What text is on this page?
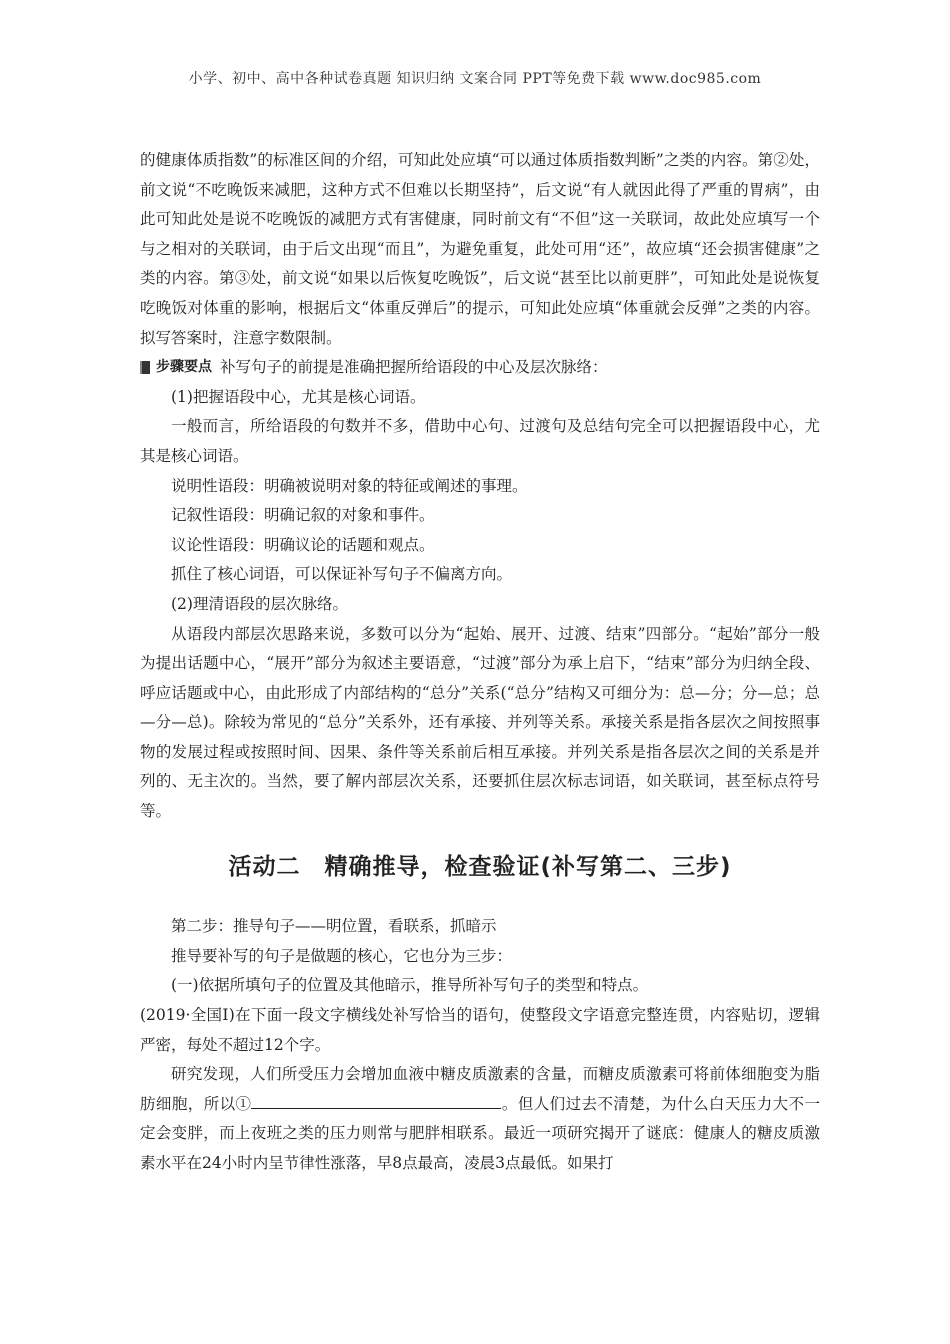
小学、初中、高中各种试卷真题 知识归纳 文案合同 PPT等免费下载 www.doc985.com

的健康体质指数”的标准区间的介绍，可知此处应填“可以通过体质指数判断”之类的内容。第②处，前文说“不吃晚饭来减肥，这种方式不但难以长期坚持”，后文说“有人就因此得了严重的胃病”，由此可知此处是说不吃晚饭的减肥方式有害健康，同时前文有“不但”这一关联词，故此处应填写一个与之相对的关联词，由于后文出现“而且”，为避免重复，此处可用“还”，故应填“还会损害健康”之类的内容。第③处，前文说“如果以后恢复吃晚饭”，后文说“甚至比以前更胖”，可知此处是说恢复吃晚饭对体重的影响，根据后文“体重反弹后”的提示，可知此处应填“体重就会反弹”之类的内容。拟写答案时，注意字数限制。

步骤要点 补写句子的前提是准确把握所给语段的中心及层次脉络：

(1)把握语段中心，尤其是核心词语。

一般而言，所给语段的句数并不多，借助中心句、过渡句及总结句完全可以把握语段中心，尤其是核心词语。

说明性语段：明确被说明对象的特征或阐述的事理。

记叙性语段：明确记叙的对象和事件。

议论性语段：明确议论的话题和观点。

抓住了核心词语，可以保证补写句子不偏离方向。

(2)理清语段的层次脉络。

从语段内部层次思路来说，多数可以分为“起始、展开、过渡、结束”四部分。“起始”部分一般为提出话题中心，“展开”部分为叙述主要语意，“过渡”部分为承上启下，“结束”部分为归纳全段、呼应话题或中心，由此形成了内部结构的“总分”关系(“总分”结构又可细分为：总—分；分—总；总—分—总)。除较为常见的“总分”关系外，还有承接、并列等关系。承接关系是指各层次之间按照事物的发展过程或按照时间、因果、条件等关系前后相互承接。并列关系是指各层次之间的关系是并列的、无主次的。当然，要了解内部层次关系，还要抓住层次标志词语，如关联词，甚至标点符号等。

活动二　精确推导，检查验证(补写第二、三步)

第二步：推导句子——明位置，看联系，抓暗示

推导要补写的句子是做题的核心，它也分为三步：

(一)依据所填句子的位置及其他暗示，推导所补写句子的类型和特点。

(2019·全国Ⅰ)在下面一段文字横线处补写恰当的语句，使整段文字语意完整连贯，内容贴切，逻辑严密，每处不超过12个字。

研究发现，人们所受压力会增加血液中糖皮质激素的含量，而糖皮质激素可将前体细胞变为脂肪细胞，所以①	。但人们过去不清楚，为什么白天压力大不一定会变胖，而上夜班之类的压力则常与肥胖相联系。最近一项研究揭开了谜底：健康人的糖皮质激素水平在24小时内呈节律性涨落，早8点最高，凌晨3点最低。如果打
